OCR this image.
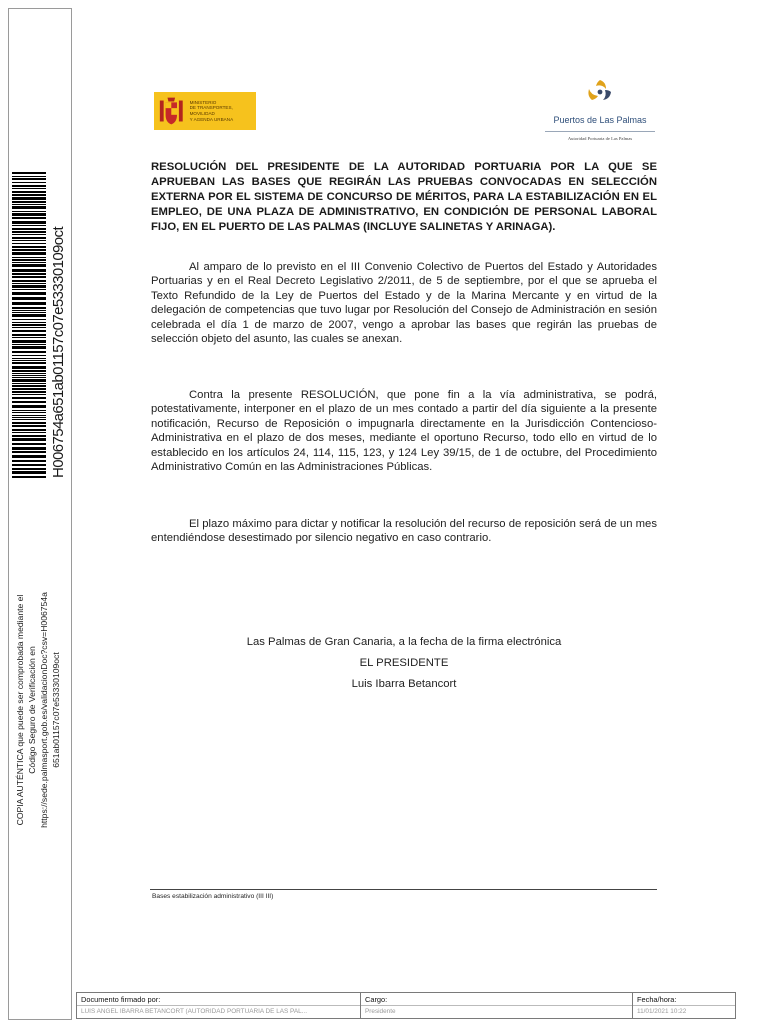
H006754a651ab01157c07e53330109oct
COPIA AUTÉNTICA que puede ser comprobada mediante el Código Seguro de Verificación en https://sede.palmasport.gob.es/validacionDoc?csv=H006754a 651ab01157c07e53330109oct
MINISTERIO
DE TRANSPORTES, MOVILIDAD
Y AGENDA URBANA	Puertos de Las Palmas
Autoridad Portuaria de Las Palmas
RESOLUCIÓN DEL PRESIDENTE DE LA AUTORIDAD PORTUARIA POR LA QUE SE APRUEBAN LAS BASES QUE REGIRÁN LAS PRUEBAS CONVOCADAS EN SELECCIÓN EXTERNA POR EL SISTEMA DE CONCURSO DE MÉRITOS, PARA LA ESTABILIZACIÓN EN EL EMPLEO, DE UNA PLAZA DE ADMINISTRATIVO, EN CONDICIÓN DE PERSONAL LABORAL FIJO, EN EL PUERTO DE LAS PALMAS (INCLUYE SALINETAS Y ARINAGA).
Al amparo de lo previsto en el III Convenio Colectivo de Puertos del Estado y Autoridades Portuarias y en el Real Decreto Legislativo 2/2011, de 5 de septiembre, por el que se aprueba el Texto Refundido de la Ley de Puertos del Estado y de la Marina Mercante y en virtud de la delegación de competencias que tuvo lugar por Resolución del Consejo de Administración en sesión celebrada el día 1 de marzo de 2007, vengo a aprobar las bases que regirán las pruebas de selección objeto del asunto, las cuales se anexan.
Contra la presente RESOLUCIÓN, que pone fin a la vía administrativa, se podrá, potestativamente, interponer en el plazo de un mes contado a partir del día siguiente a la presente notificación, Recurso de Reposición o impugnarla directamente en la Jurisdicción Contencioso-Administrativa en el plazo de dos meses, mediante el oportuno Recurso, todo ello en virtud de lo establecido en los artículos 24, 114, 115, 123, y 124 Ley 39/15, de 1 de octubre, del Procedimiento Administrativo Común en las Administraciones Públicas.
El plazo máximo para dictar y notificar la resolución del recurso de reposición será de un mes entendiéndose desestimado por silencio negativo en caso contrario.
Las Palmas de Gran Canaria, a la fecha de la firma electrónica
EL PRESIDENTE
Luis Ibarra Betancort
Bases estabilización administrativo (III III)
Documento firmado por:
LUIS ANGEL IBARRA BETANCORT (AUTORIDAD PORTUARIA DE LAS PAL...
Cargo:
Presidente
Fecha/hora:
11/01/2021 10:22
